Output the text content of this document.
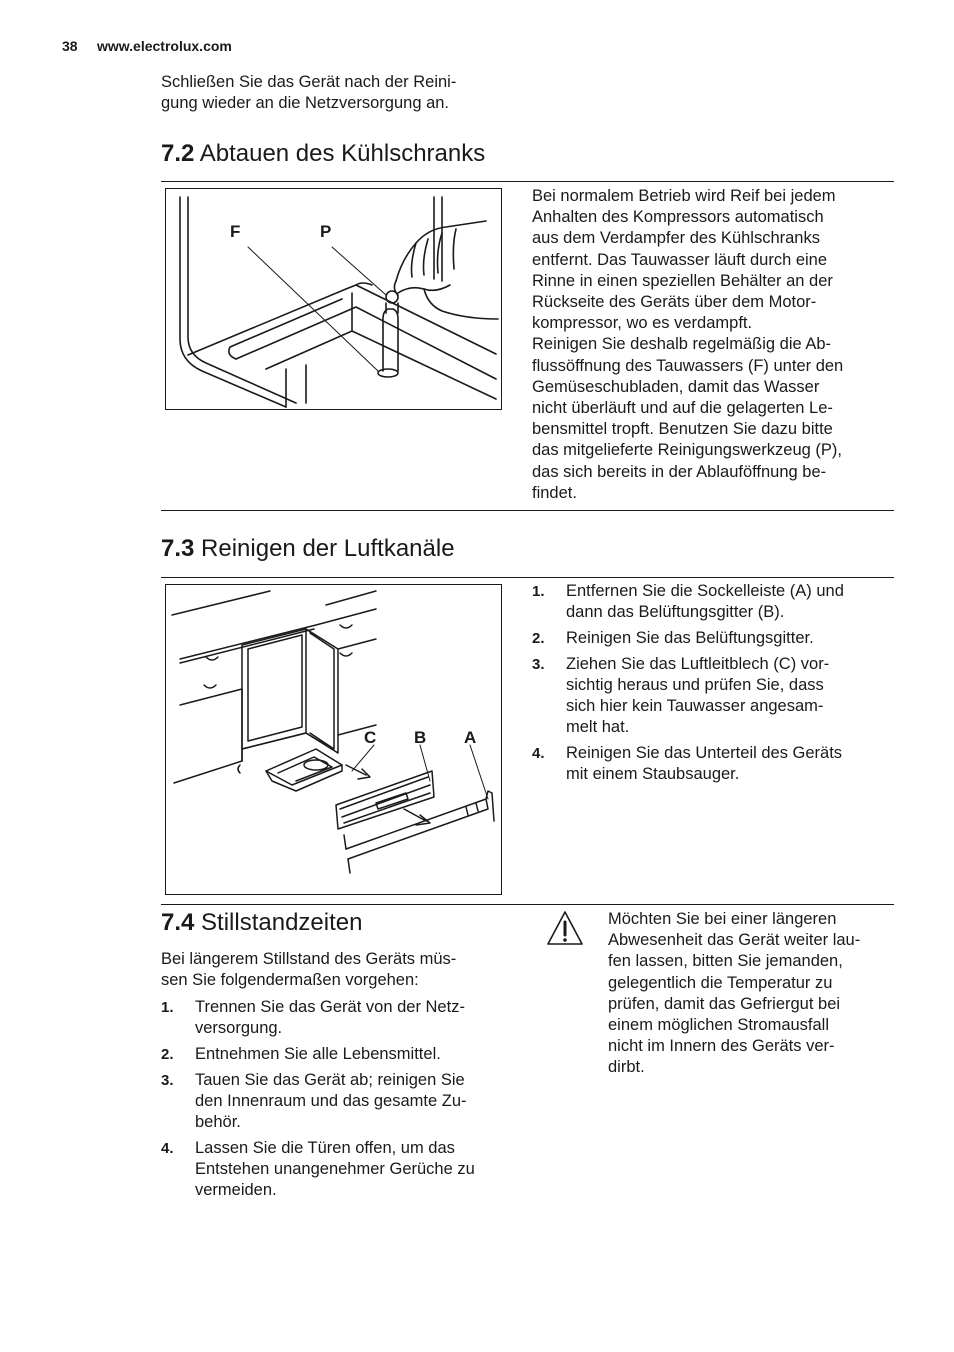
38 www.electrolux.com
Schließen Sie das Gerät nach der Reini-
gung wieder an die Netzversorgung an.
7.2 Abtauen des Kühlschranks
F	P

Bei normalem Betrieb wird Reif bei jedem
Anhalten des Kompressors automatisch
aus dem Verdampfer des Kühlschranks
entfernt. Das Tauwasser läuft durch eine
Rinne in einen speziellen Behälter an der
Rückseite des Geräts über dem Motor-
kompressor, wo es verdampft.

Reinigen Sie deshalb regelmäßig die Ab-
flussöffnung des Tauwassers (F) unter den
Gemüseschubladen, damit das Wasser
nicht überläuft und auf die gelagerten Le-
bensmittel tropft. Benutzen Sie dazu bitte
das mitgelieferte Reinigungswerkzeug (P),
das sich bereits in der Ablauföffnung be-
findet.

7.3 Reinigen der Luftkanäle
C B A
1. Entfernen Sie die Sockelleiste (A) und
dann das Belüftungsgitter (B).
2. Reinigen Sie das Belüftungsgitter.
3. Ziehen Sie das Luftleitblech (C) vor-
sichtig heraus und prüfen Sie, dass
sich hier kein Tauwasser angesam-
melt hat.
4. Reinigen Sie das Unterteil des Geräts
mit einem Staubsauger.
7.4 Stillstandzeiten
Bei längerem Stillstand des Geräts müs-
sen Sie folgendermaßen vorgehen:
1. Trennen Sie das Gerät von der Netz-
versorgung.
2. Entnehmen Sie alle Lebensmittel.
3. Tauen Sie das Gerät ab; reinigen Sie
den Innenraum und das gesamte Zu-
behör.
4. Lassen Sie die Türen offen, um das
Entstehen unangenehmer Gerüche zu
vermeiden.
Möchten Sie bei einer längeren
Abwesenheit das Gerät weiter lau-
fen lassen, bitten Sie jemanden,
gelegentlich die Temperatur zu
prüfen, damit das Gefriergut bei
einem möglichen Stromausfall
nicht im Innern des Geräts ver-
dirbt.
